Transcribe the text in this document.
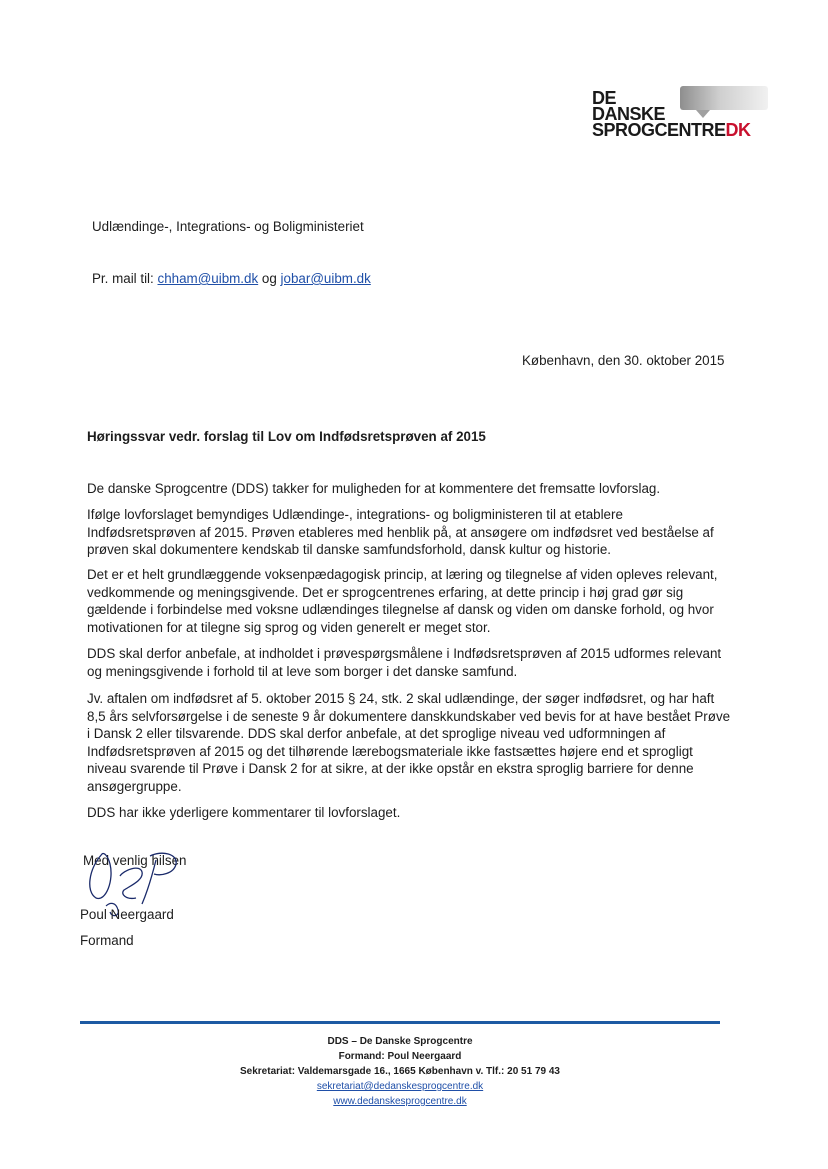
DE
DANSKE
SPROGCENTREDK
Udlændinge-, Integrations- og Boligministeriet
Pr. mail til: chham@uibm.dk og jobar@uibm.dk
København, den 30. oktober 2015
Høringssvar vedr. forslag til Lov om Indfødsretsprøven af 2015
De danske Sprogcentre (DDS) takker for muligheden for at kommentere det fremsatte lovforslag.
Ifølge lovforslaget bemyndiges Udlændinge-, integrations- og boligministeren til at etablere
Indfødsretsprøven af 2015. Prøven etableres med henblik på, at ansøgere om indfødsret ved beståelse af
prøven skal dokumentere kendskab til danske samfundsforhold, dansk kultur og historie.
Det er et helt grundlæggende voksenpædagogisk princip, at læring og tilegnelse af viden opleves relevant,
vedkommende og meningsgivende. Det er sprogcentrenes erfaring, at dette princip i høj grad gør sig
gældende i forbindelse med voksne udlændinges tilegnelse af dansk og viden om danske forhold, og hvor
motivationen for at tilegne sig sprog og viden generelt er meget stor.
DDS skal derfor anbefale, at indholdet i prøvespørgsmålene i Indfødsretsprøven af 2015 udformes relevant
og meningsgivende i forhold til at leve som borger i det danske samfund.
Jv. aftalen om indfødsret af 5. oktober 2015 § 24, stk. 2 skal udlændinge, der søger indfødsret, og har haft
8,5 års selvforsørgelse i de seneste 9 år dokumentere danskkundskaber ved bevis for at have bestået Prøve
i Dansk 2 eller tilsvarende. DDS skal derfor anbefale, at det sproglige niveau ved udformningen af
Indfødsretsprøven af 2015 og det tilhørende lærebogsmateriale ikke fastsættes højere end et sprogligt
niveau svarende til Prøve i Dansk 2 for at sikre, at der ikke opstår en ekstra sproglig barriere for denne
ansøgergruppe.
DDS har ikke yderligere kommentarer til lovforslaget.
Med venlig hilsen
Poul Neergaard
Formand
DDS – De Danske Sprogcentre
Formand: Poul Neergaard
Sekretariat: Valdemarsgade 16., 1665 København v. Tlf.: 20 51 79 43
sekretariat@dedanskesprogcentre.dk
www.dedanskesprogcentre.dk
